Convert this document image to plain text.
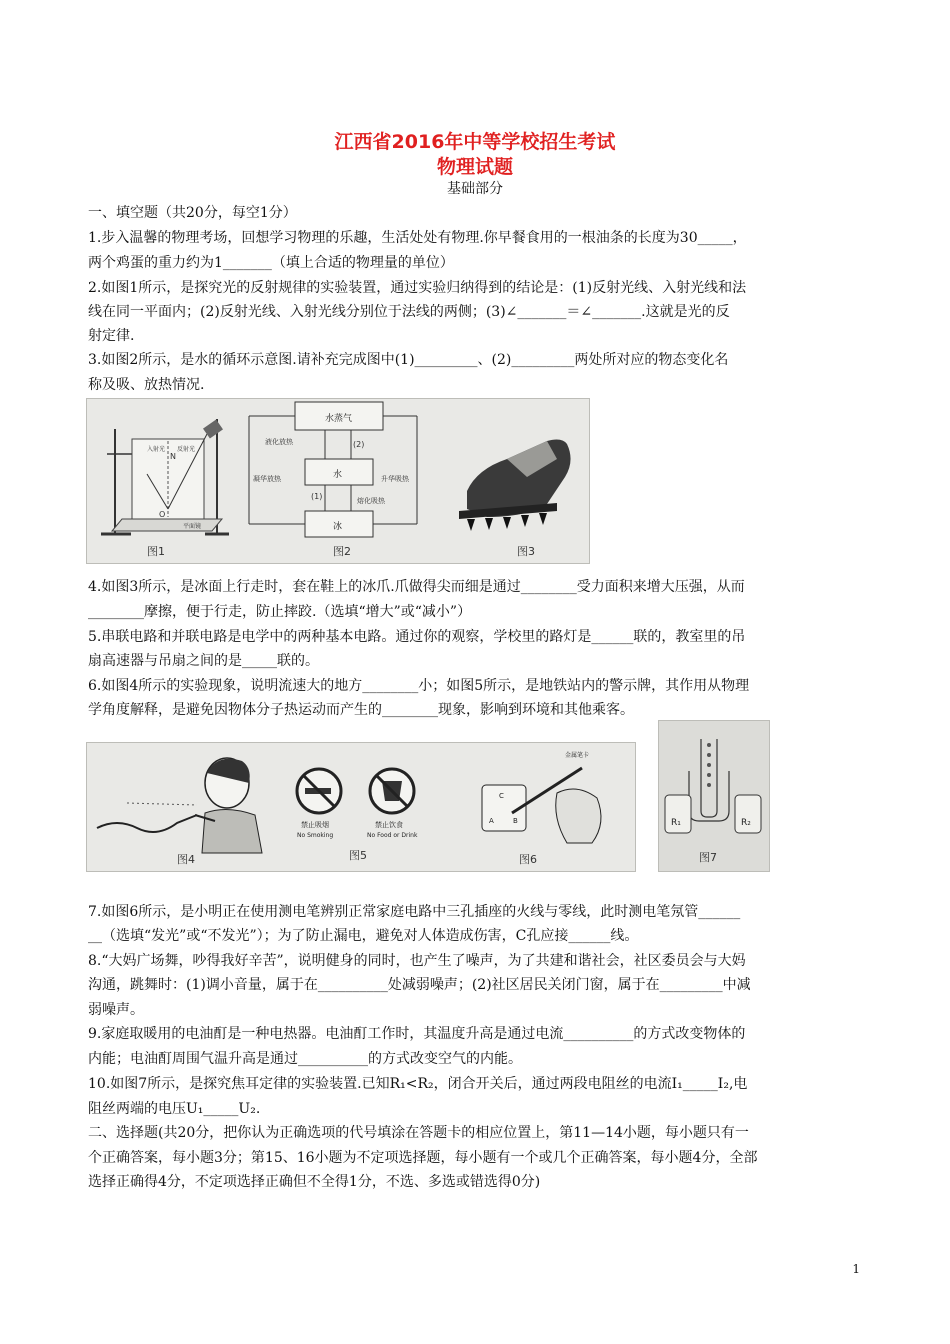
江西省2016年中等学校招生考试
物理试题
基础部分
一、填空题（共20分，每空1分）
1.步入温馨的物理考场，回想学习物理的乐趣，生活处处有物理.你早餐食用的一根油条的长度为30_____，
两个鸡蛋的重力约为1_______（填上合适的物理量的单位）
2.如图1所示，是探究光的反射规律的实验装置，通过实验归纳得到的结论是：(1)反射光线、入射光线和法
线在同一平面内；(2)反射光线、入射光线分别位于法线的两侧；(3)∠_______＝∠_______.这就是光的反
射定律.
3.如图2所示，是水的循环示意图.请补充完成图中(1)_________、(2)_________两处所对应的物态变化名
称及吸、放热情况.
N
O
入射光 反射光
平面镜
图1
水蒸气
水
冰
液化放热
凝华放热	升华吸热
熔化吸热
(2)
(1)
图2	图3
4.如图3所示，是冰面上行走时，套在鞋上的冰爪.爪做得尖而细是通过________受力面积来增大压强，从而
________摩擦，便于行走，防止摔跤.（选填“增大”或“减小”）
5.串联电路和并联电路是电学中的两种基本电路。通过你的观察，学校里的路灯是______联的，教室里的吊
扇高速器与吊扇之间的是_____联的。
6.如图4所示的实验现象，说明流速大的地方________小；如图5所示，是地铁站内的警示牌，其作用从物理
学角度解释，是避免因物体分子热运动而产生的________现象，影响到环境和其他乘客。
图4
禁止吸烟
No Smoking
禁止饮食
No Food or Drink
图5
C
A	B
金属笔卡
图6
R₁	R₂
图7
7.如图6所示，是小明正在使用测电笔辨别正常家庭电路中三孔插座的火线与零线，此时测电笔氖管______
__（选填“发光”或“不发光”）；为了防止漏电，避免对人体造成伤害，C孔应接______线。
8.“大妈广场舞，吵得我好辛苦”，说明健身的同时，也产生了噪声，为了共建和谐社会，社区委员会与大妈
沟通，跳舞时：(1)调小音量，属于在__________处减弱噪声；(2)社区居民关闭门窗，属于在_________中减
弱噪声。
9.家庭取暖用的电油酊是一种电热器。电油酊工作时，其温度升高是通过电流__________的方式改变物体的
内能；电油酊周围气温升高是通过__________的方式改变空气的内能。
10.如图7所示，是探究焦耳定律的实验装置.已知R₁<R₂，闭合开关后，通过两段电阻丝的电流I₁_____I₂,电
阻丝两端的电压U₁_____U₂.
二、选择题(共20分，把你认为正确选项的代号填涂在答题卡的相应位置上，第11—14小题，每小题只有一
个正确答案，每小题3分；第15、16小题为不定项选择题，每小题有一个或几个正确答案，每小题4分，全部
选择正确得4分，不定项选择正确但不全得1分，不选、多选或错选得0分)
1
